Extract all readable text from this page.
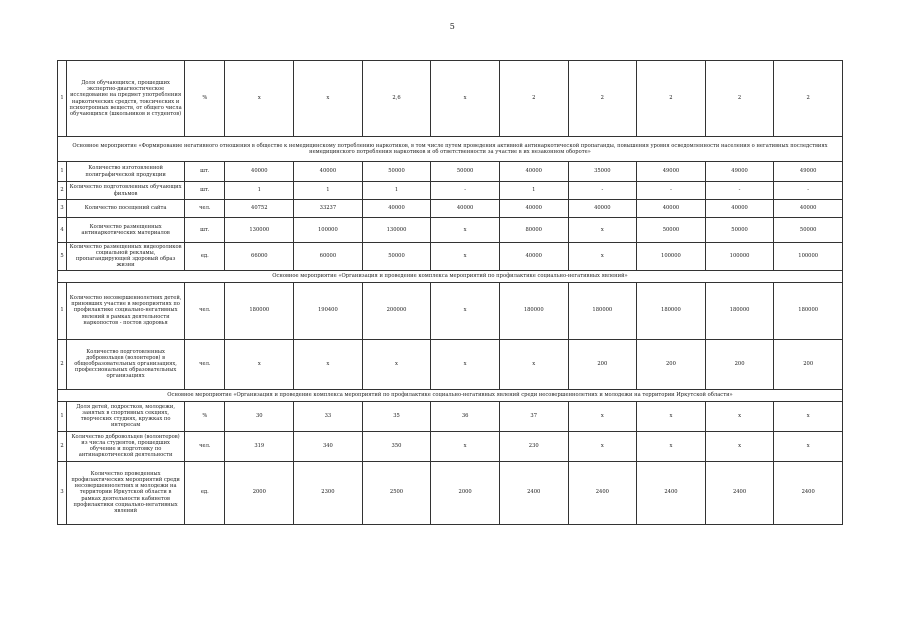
5
1	Доля обучающихся, прошедших экспертно-диагностическое исследование на предмет употребления наркотических средств, токсических и психотропных веществ, от общего числа обучающихся (школьников и студентов)	%	x	x	2,6	x	2	2	2	2	2
Основное мероприятие «Формирование негативного отношения в обществе к немедицинскому потреблению наркотиков, в том числе путем проведения активной антинаркотической пропаганды, повышения уровня осведомленности населения о негативных последствиях немедицинского потребления наркотиков и об ответственности за участие в их незаконном обороте»											
1	Количество изготовленной полиграфической продукции	шт.	40000	40000	50000	50000	40000	35000	49000	49000	49000
2	Количество подготовленных обучающих фильмов	шт.	1	1	1	-	1	-	-	-	-
3	Количество посещений сайта	чел.	40752	33237	40000	40000	40000	40000	40000	40000	40000
4	Количество размещенных антинаркотических материалов	шт.	130000	100000	130000	x	80000	x	50000	50000	50000
5	Количество размещенных видеороликов социальной рекламы, пропагандирующей здоровый образ жизни	ед.	66000	60000	50000	x	40000	x	100000	100000	100000
Основное мероприятие «Организация и проведение комплекса мероприятий по профилактике социально-негативных явлений»											
1	Количество несовершеннолетних детей, принявших участие в мероприятиях по профилактике социально-негативных явлений в рамках деятельности наркопостов - постов здоровья	чел.	180000	190400	200000	x	180000	180000	180000	180000	180000
2	Количество подготовленных добровольцев (волонтеров) в общеобразовательных организациях, профессиональных образовательных организациях	чел.	x	x	x	x	x	200	200	200	200
Основное мероприятие «Организация и проведение комплекса мероприятий по профилактике социально-негативных явлений среди несовершеннолетних и молодежи на территории Иркутской области»											
1	Доля детей, подростков, молодежи, занятых в спортивных секциях, творческих студиях, кружках по интересам	%	30	33	35	36	37	x	x	x	x
2	Количество добровольцев (волонтеров) из числа студентов, прошедших обучение и подготовку по антинаркотической деятельности	чел.	319	340	350	x	230	x	x	x	x
3	Количество проведенных профилактических мероприятий среди несовершеннолетних и молодежи на территории Иркутской области в рамках деятельности кабинетов профилактики социально-негативных явлений	ед.	2000	2300	2500	2000	2400	2400	2400	2400	2400
